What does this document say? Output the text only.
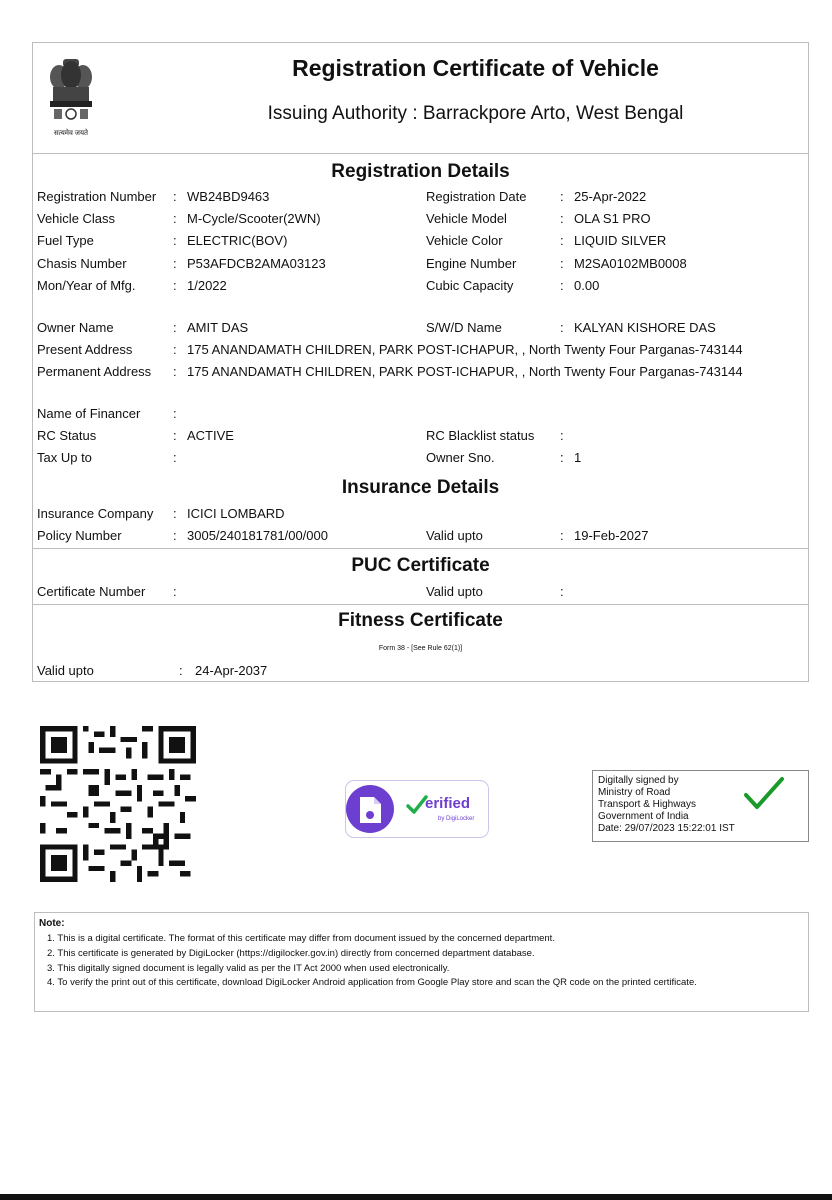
सत्यमेव जयते
Registration Certificate of Vehicle
Issuing Authority : Barrackpore Arto, West Bengal
Registration Details
Registration Number : WB24BD9463	Registration Date	: 25-Apr-2022
Vehicle Class	: M-Cycle/Scooter(2WN)	Vehicle Model	: OLA S1 PRO
Fuel Type	: ELECTRIC(BOV)	Vehicle Color	: LIQUID SILVER
Chasis Number	: P53AFDCB2AMA03123	Engine Number	: M2SA0102MB0008
Mon/Year of Mfg.	: 1/2022	Cubic Capacity	: 0.00
Owner Name	: AMIT DAS	S/W/D Name	: KALYAN KISHORE DAS
Present Address	: 175 ANANDAMATH CHILDREN, PARK POST-ICHAPUR, , North Twenty Four Parganas-743144
Permanent Address : 175 ANANDAMATH CHILDREN, PARK POST-ICHAPUR, , North Twenty Four Parganas-743144
Name of Financer	:
RC Status	: ACTIVE	RC Blacklist status :
Tax Up to	:	Owner Sno.	: 1
Insurance Details
Insurance Company : ICICI LOMBARD
Policy Number	: 3005/240181781/00/000	Valid upto	: 19-Feb-2027
PUC Certificate
Certificate Number :	Valid upto	:
Fitness Certificate
Form 38 - [See Rule 62(1)]
Valid upto	: 24-Apr-2037
erified
by DigiLocker
Digitally signed by
Ministry of Road
Transport & Highways
Government of India
Date: 29/07/2023 15:22:01 IST
Note:
1. This is a digital certificate. The format of this certificate may differ from document issued by the concerned department.
2. This certificate is generated by DigiLocker (https://digilocker.gov.in) directly from concerned department database.
3. This digitally signed document is legally valid as per the IT Act 2000 when used electronically.
4. To verify the print out of this certificate, download DigiLocker Android application from Google Play store and scan the QR code on the printed certificate.
